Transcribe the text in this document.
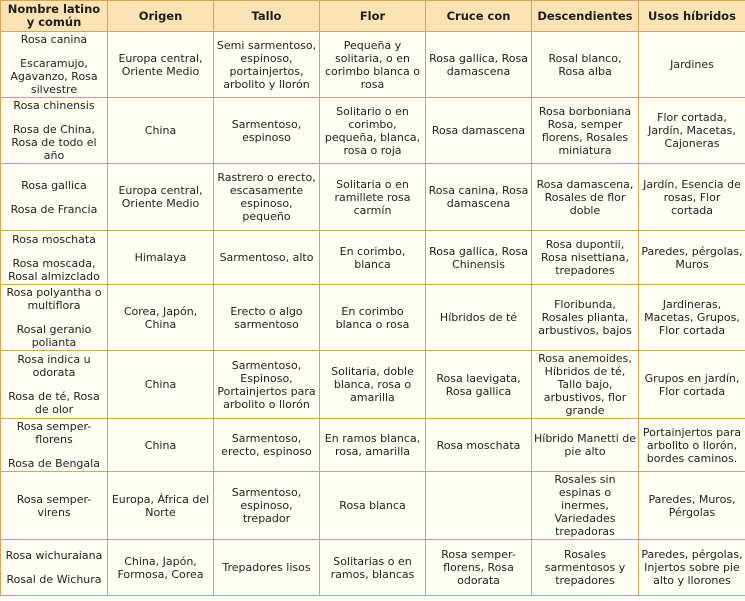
Nombre latino y común	Origen	Tallo	Flor	Cruce con	Descendientes	Usos híbridos

Rosa canina
Escaramujo, Agavanzo, Rosa silvestre	Europa central, Oriente Medio	Semi sarmentoso, espinoso, portainjertos, arbolito y llorón	Pequeña y solitaria, o en corimbo blanca o rosa	Rosa gallica, Rosa damascena	Rosal blanco, Rosa alba	Jardines

Rosa chinensis
Rosa de China, Rosa de todo el año	China	Sarmentoso, espinoso	Solitario o en corimbo, pequeña, blanca, rosa o roja	Rosa damascena	Rosa borboniana Rosa, semper florens, Rosales miniatura	Flor cortada, Jardín, Macetas, Cajoneras

Rosa gallica
Rosa de Francia	Europa central, Oriente Medio	Rastrero o erecto, escasamente espinoso, pequeño	Solitaria o en ramillete rosa carmín	Rosa canina, Rosa damascena	Rosa damascena, Rosales de flor doble	Jardín, Esencia de rosas, Flor cortada

Rosa moschata
Rosa moscada, Rosal almizclado	Himalaya	Sarmentoso, alto	En corimbo, blanca	Rosa gallica, Rosa Chinensis	Rosa dupontii, Rosa nisettiana, trepadores	Paredes, pérgolas, Muros

Rosa polyantha o multiflora
Rosal geranio polianta	Corea, Japón, China	Erecto o algo sarmentoso	En corimbo blanca o rosa	Híbridos de té	Floribunda, Rosales plianta, arbustivos, bajos	Jardineras, Macetas, Grupos, Flor cortada

Rosa indica u odorata
Rosa de té, Rosa de olor	China	Sarmentoso, Espinoso, Portainjertos para arbolito o llorón	Solitaria, doble blanca, rosa o amarilla	Rosa laevigata, Rosa gallica	Rosa anemoides, Híbridos de té, Tallo bajo, arbustivos, flor grande	Grupos en jardín, Flor cortada

Rosa semper-florens
Rosa de Bengala	China	Sarmentoso, erecto, espinoso	En ramos blanca, rosa, amarilla	Rosa moschata	Híbrido Manetti de pie alto	Portainjertos para arbolito o llorón, bordes caminos.

Rosa semper-virens	Europa, África del Norte	Sarmentoso, espinoso, trepador	Rosa blanca		Rosales sin espinas o inermes, Variedades trepadoras	Paredes, Muros, Pérgolas

Rosa wichuraiana
Rosal de Wichura	China, Japón, Formosa, Corea	Trepadores lisos	Solitarias o en ramos, blancas	Rosa semper-florens, Rosa odorata	Rosales sarmentosos y trepadores	Paredes, pérgolas, Injertos sobre pie alto y llorones
